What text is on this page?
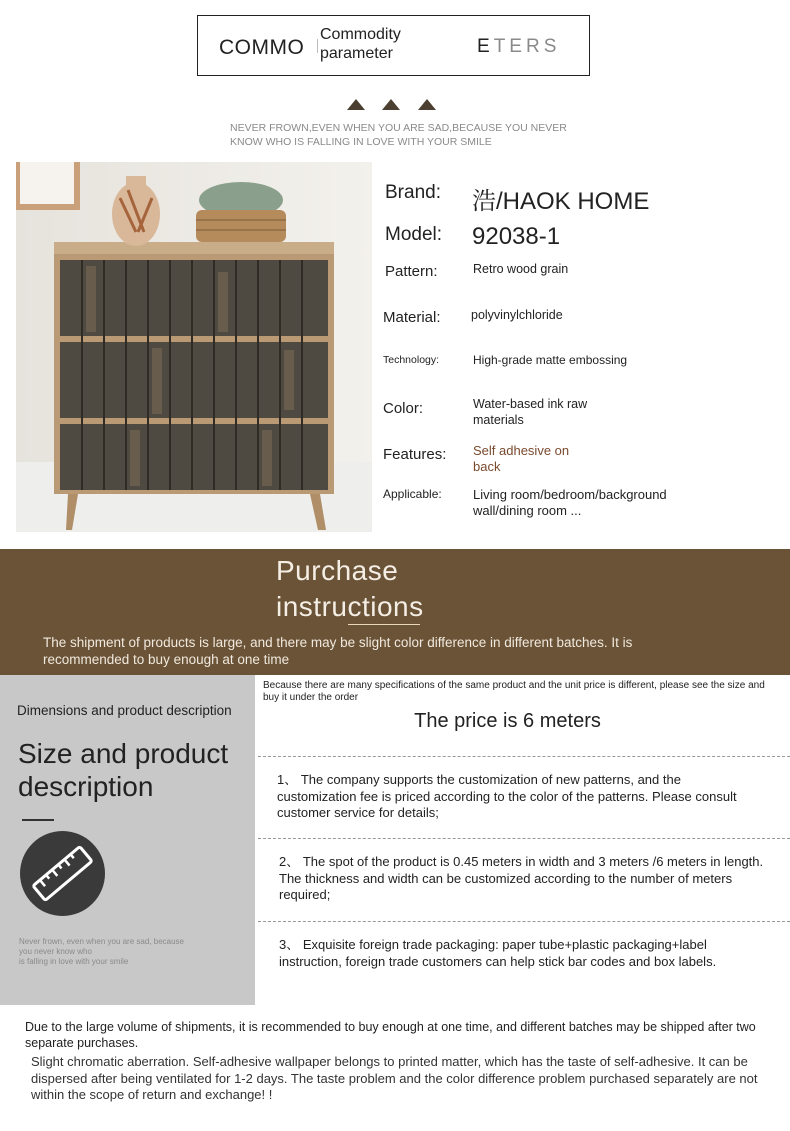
COMMO
Commodity
parameter	ETERS
NEVER FROWN,EVEN WHEN YOU ARE SAD,BECAUSE YOU NEVER
KNOW WHO IS FALLING IN LOVE WITH YOUR SMILE
Brand: 浩/HAOK HOME
Model: 92038-1
Pattern:	Retro wood grain
Material: polyvinylchloride
Technology:	High-grade matte embossing
Color:	Water-based ink raw
materials
Features: Self adhesive on
back
Applicable: Living room/bedroom/background
wall/dining room ...
Purchase
instructions
The shipment of products is large, and there may be slight color difference in different batches. It is recommended to buy enough at one time
Dimensions and product description
Size and product
description
Never frown, even when you are sad, because
you never know who
is falling in love with your smile
Because there are many specifications of the same product and the unit price is different, please see the size and buy it under the order
The price is 6 meters
1、 The company supports the customization of new patterns, and the customization fee is priced according to the color of the patterns. Please consult customer service for details;
2、 The spot of the product is 0.45 meters in width and 3 meters /6 meters in length. The thickness and width can be customized according to the number of meters required;
3、 Exquisite foreign trade packaging: paper tube+plastic packaging+label instruction, foreign trade customers can help stick bar codes and box labels.
Due to the large volume of shipments, it is recommended to buy enough at one time, and different batches may be shipped after two separate purchases.
Slight chromatic aberration. Self-adhesive wallpaper belongs to printed matter, which has the taste of self-adhesive. It can be dispersed after being ventilated for 1-2 days. The taste problem and the color difference problem purchased separately are not within the scope of return and exchange! !
